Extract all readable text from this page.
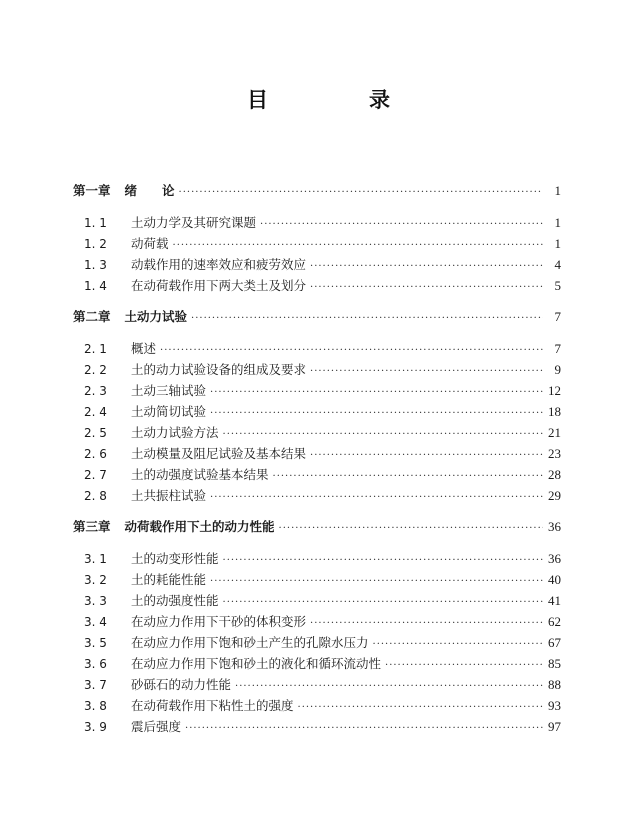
目　录
第一章 绪　　论 ·····	1
1. 1	土动力学及其研究课题 ·····	1
1. 2	动荷载 ·····	1
1. 3	动载作用的速率效应和疲劳效应 ·····	4
1. 4	在动荷载作用下两大类土及划分 ·····	5
第二章 土动力试验 ·····	7
2. 1	概述 ·····	7
2. 2	土的动力试验设备的组成及要求 ·····	9
2. 3	土动三轴试验 ·····	12
2. 4	土动简切试验 ·····	18
2. 5	土动力试验方法 ·····	21
2. 6	土动模量及阻尼试验及基本结果 ·····	23
2. 7	土的动强度试验基本结果 ·····	28
2. 8	土共振柱试验 ·····	29
第三章 动荷载作用下土的动力性能 ·····	36
3. 1	土的动变形性能 ·····	36
3. 2	土的耗能性能 ·····	40
3. 3	土的动强度性能 ·····	41
3. 4	在动应力作用下干砂的体积变形 ·····	62
3. 5	在动应力作用下饱和砂土产生的孔隙水压力 ·····	67
3. 6	在动应力作用下饱和砂土的液化和循环流动性 ·····	85
3. 7	砂砾石的动力性能 ·····	88
3. 8	在动荷载作用下粘性土的强度 ·····	93
3. 9	震后强度 ·····	97
